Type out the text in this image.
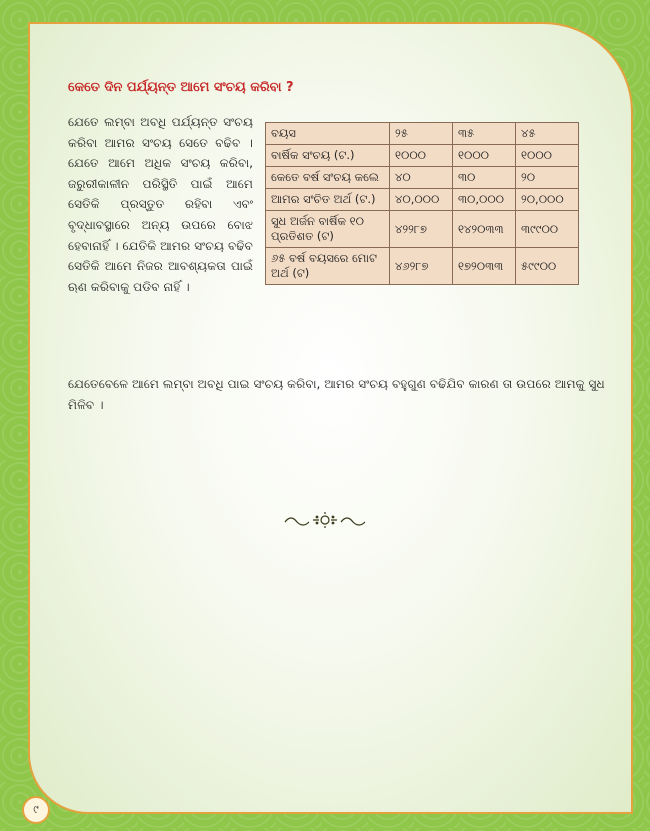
କେତେ ଦିନ ପର୍ଯ୍ୟନ୍ତ ଆମେ ସଂଚୟ କରିବା ?

ଯେତେ ଲମ୍ବା ଅବଧି ପର୍ଯ୍ୟନ୍ତ ସଂଚୟ କରିବା ଆମର ସଂଚୟ ସେତେ ବଢିବ । ଯେତେ ଆମେ ଅଧିକ ସଂଚୟ କରିବା, ଜରୁରୀକାଳୀନ ପରିସ୍ଥିତି ପାଇଁ ଆମେ ସେତିକି ପ୍ରସ୍ତୁତ ରହିବା ଏବଂ ବୃଦ୍ଧାବସ୍ଥାରେ ଅନ୍ୟ ଉପରେ ବୋଝ ହେବାନାହିଁ । ଯେତିକି ଆମର ସଂଚୟ ବଢିବ ସେତିକି ଆମେ ନିଜର ଆବଶ୍ୟକତା ପାଇଁ ଋଣ କରିବାକୁ ପଡିବ ନାହିଁ ।

ବୟସ	୨୫	୩୫	୪୫
ବାର୍ଷିକ ସଂଚୟ (ଟ.)	୧୦୦୦	୧୦୦୦	୧୦୦୦
କେତେ ବର୍ଷ ସଂଚୟ କଲେ	୪୦	୩୦	୨୦
ଆମର ସଂଚିତ ଅର୍ଥ (ଟ.)	୪୦,୦୦୦	୩୦,୦୦୦	୨୦,୦୦୦
ସୁଧ ଅର୍ଜନ ବାର୍ଷିକ ୧୦ ପ୍ରତିଶତ (ଟ)	୪୨୨୮୭	୧୪୨୦୩୩	୩୯୯୦୦
୬୫ ବର୍ଷ ବୟସରେ ମୋଟ ଅର୍ଥ (ଟ)	୪୬୨୮୭	୧୭୨୦୩୩	୫୯୯୦୦

ଯେତେବେଳେ ଆମେ ଲମ୍ବା ଅବଧି ପାଇ ସଂଚୟ କରିବା, ଆମର ସଂଚୟ ବହୁଗୁଣ ବଢିଯିବ କାରଣ ତା ଉପରେ ଆମକୁ ସୁଧ ମିଳିବ ।

୯
